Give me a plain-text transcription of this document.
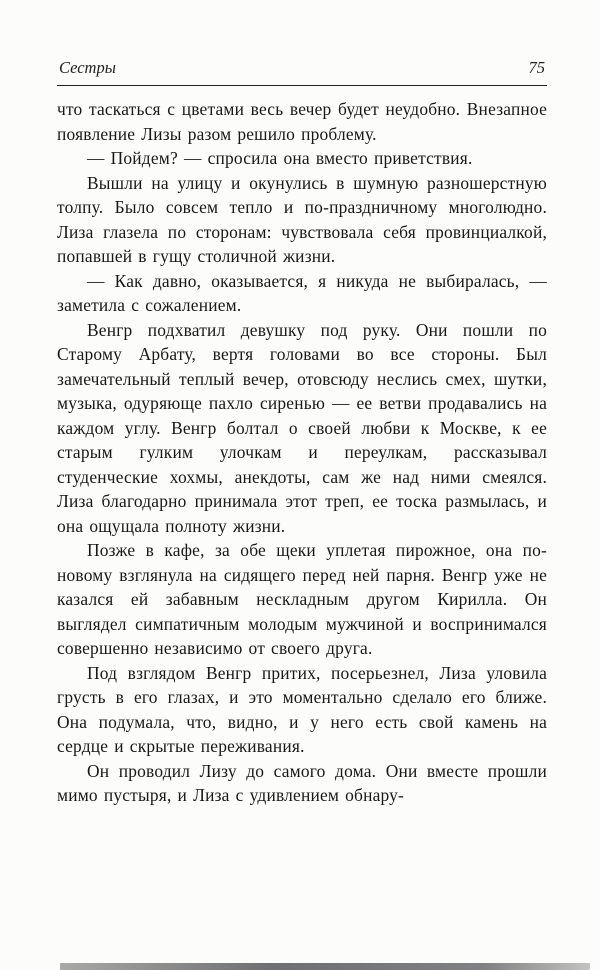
Сестры	75

что таскаться с цветами весь вечер будет неудобно. Внезапное появление Лизы разом решило проблему.

— Пойдем? — спросила она вместо приветствия.

Вышли на улицу и окунулись в шумную разношерстную толпу. Было совсем тепло и по-праздничному многолюдно. Лиза глазела по сторонам: чувствовала себя провинциалкой, попавшей в гущу столичной жизни.

— Как давно, оказывается, я никуда не выбиралась, — заметила с сожалением.

Венгр подхватил девушку под руку. Они пошли по Старому Арбату, вертя головами во все стороны. Был замечательный теплый вечер, отовсюду неслись смех, шутки, музыка, одуряюще пахло сиренью — ее ветви продавались на каждом углу. Венгр болтал о своей любви к Москве, к ее старым гулким улочкам и переулкам, рассказывал студенческие хохмы, анекдоты, сам же над ними смеялся. Лиза благодарно принимала этот треп, ее тоска размылась, и она ощущала полноту жизни.

Позже в кафе, за обе щеки уплетая пирожное, она по-новому взглянула на сидящего перед ней парня. Венгр уже не казался ей забавным нескладным другом Кирилла. Он выглядел симпатичным молодым мужчиной и воспринимался совершенно независимо от своего друга.

Под взглядом Венгр притих, посерьезнел, Лиза уловила грусть в его глазах, и это моментально сделало его ближе. Она подумала, что, видно, и у него есть свой камень на сердце и скрытые переживания.

Он проводил Лизу до самого дома. Они вместе прошли мимо пустыря, и Лиза с удивлением обнару-
